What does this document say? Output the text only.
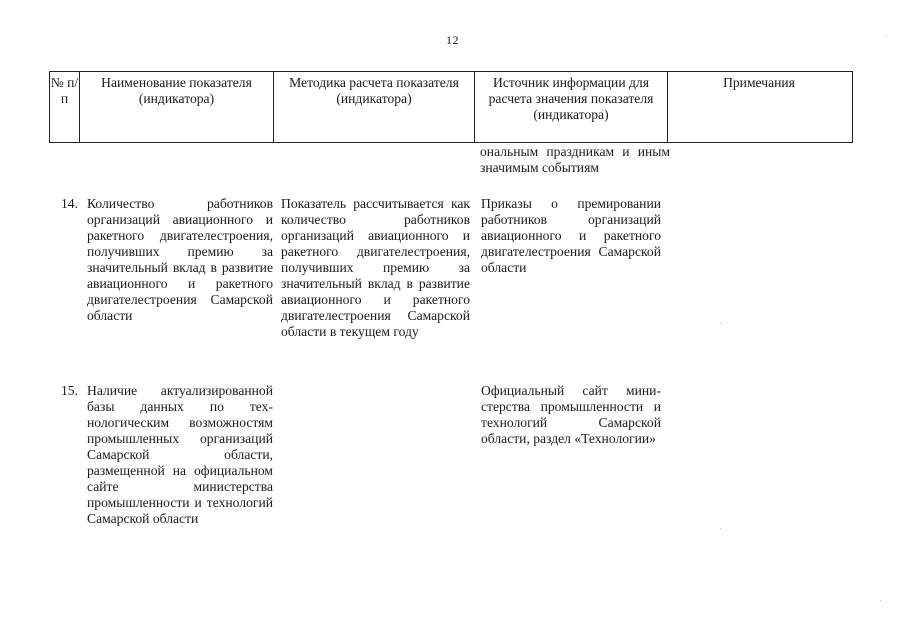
12
№ п/п
Наименование показателя (индикатора)
Методика расчета показателя (индикатора)
Источник информации для расчета значения показателя (индикатора)
Примечания
ональным праздникам и иным значимым событиям
14. Количество работников организаций авиационного и ракетного двигателестроения, получивших премию за значительный вклад в развитие авиационного и ракетного двигателестроения Самарской области
Показатель рассчитывается как количество работников организаций авиационного и ракетного двигателестроения, получивших премию за значительный вклад в развитие авиационного и ракетного двигателестроения Самарской области в текущем году
Приказы о премировании работников организаций авиационного и ракетного двигателестроения Самарской области
15. Наличие актуализированной базы данных по технологическим возможностям промышленных организаций Самарской области, размещенной на официальном сайте министерства промышленности и технологий Самарской области
Официальный сайт министерства промышленности и технологий Самарской области, раздел «Технологии»
